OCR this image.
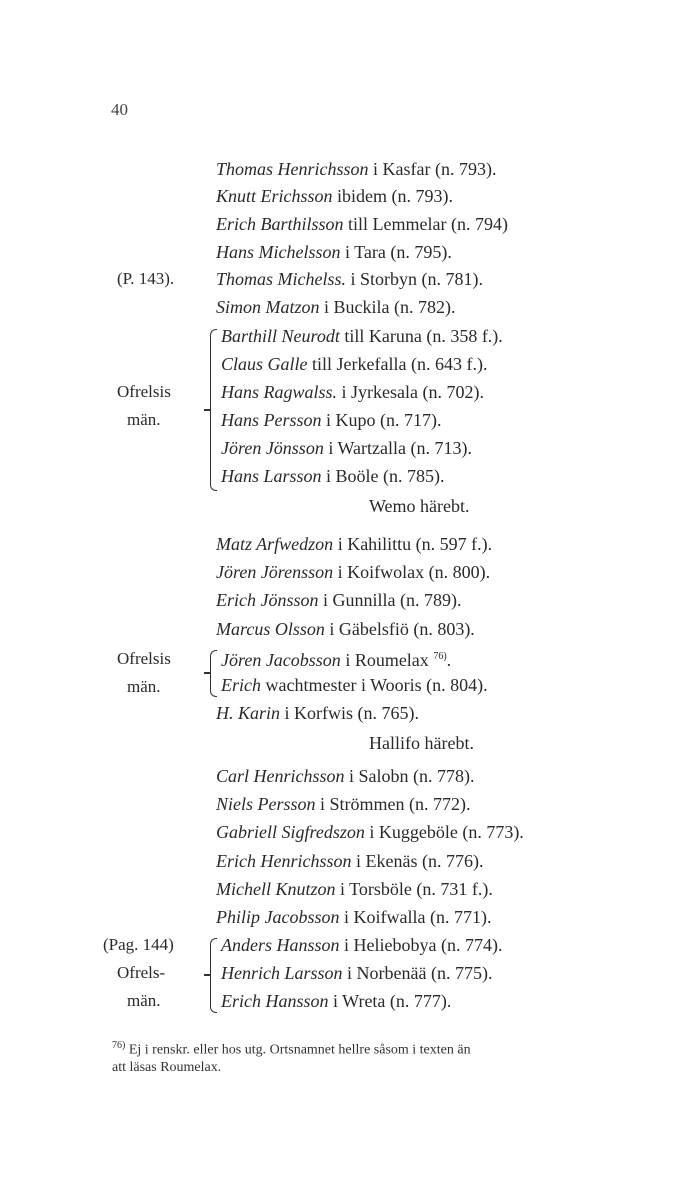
40
Thomas Henrichsson i Kasfar (n. 793).
Knutt Erichsson ibidem (n. 793).
Erich Barthilsson till Lemmelar (n. 794)
Hans Michelsson i Tara (n. 795).
Thomas Michelss. i Storbyn (n. 781).
Simon Matzon i Buckila (n. 782).
Barthill Neurodt till Karuna (n. 358 f.).
Claus Galle till Jerkefalla (n. 643 f.).
Hans Ragwalss. i Jyrkesala (n. 702).
Hans Persson i Kupo (n. 717).
Jören Jönsson i Wartzalla (n. 713).
Hans Larsson i Boöle (n. 785).
Wemo härebt.
Matz Arfwedzon i Kahilittu (n. 597 f.).
Jören Jörensson i Koifwolax (n. 800).
Erich Jönsson i Gunnilla (n. 789).
Marcus Olsson i Gäbelsfiö (n. 803).
Jören Jacobsson i Roumelax $^{76)}$.
Erich wachtmester i Wooris (n. 804).
H. Karin i Korfwis (n. 765).
Hallifo härebt.
Carl Henrichsson i Salobn (n. 778).
Niels Persson i Strömmen (n. 772).
Gabriell Sigfredszon i Kuggeböle (n. 773).
Erich Henrichsson i Ekenäs (n. 776).
Michell Knutzon i Torsböle (n. 731 f.).
Philip Jacobsson i Koifwalla (n. 771).
Anders Hansson i Heliebobya (n. 774).
Henrich Larsson i Norbenää (n. 775).
Erich Hansson i Wreta (n. 777).
(P. 143).
Ofrelsis
män.
Ofrelsis
män.
(Pag. 144)
Ofrels-
män.
$^{76)}$ Ej i renskr. eller hos utg. Ortsnamnet hellre såsom i texten än
att läsas Roumelax.
